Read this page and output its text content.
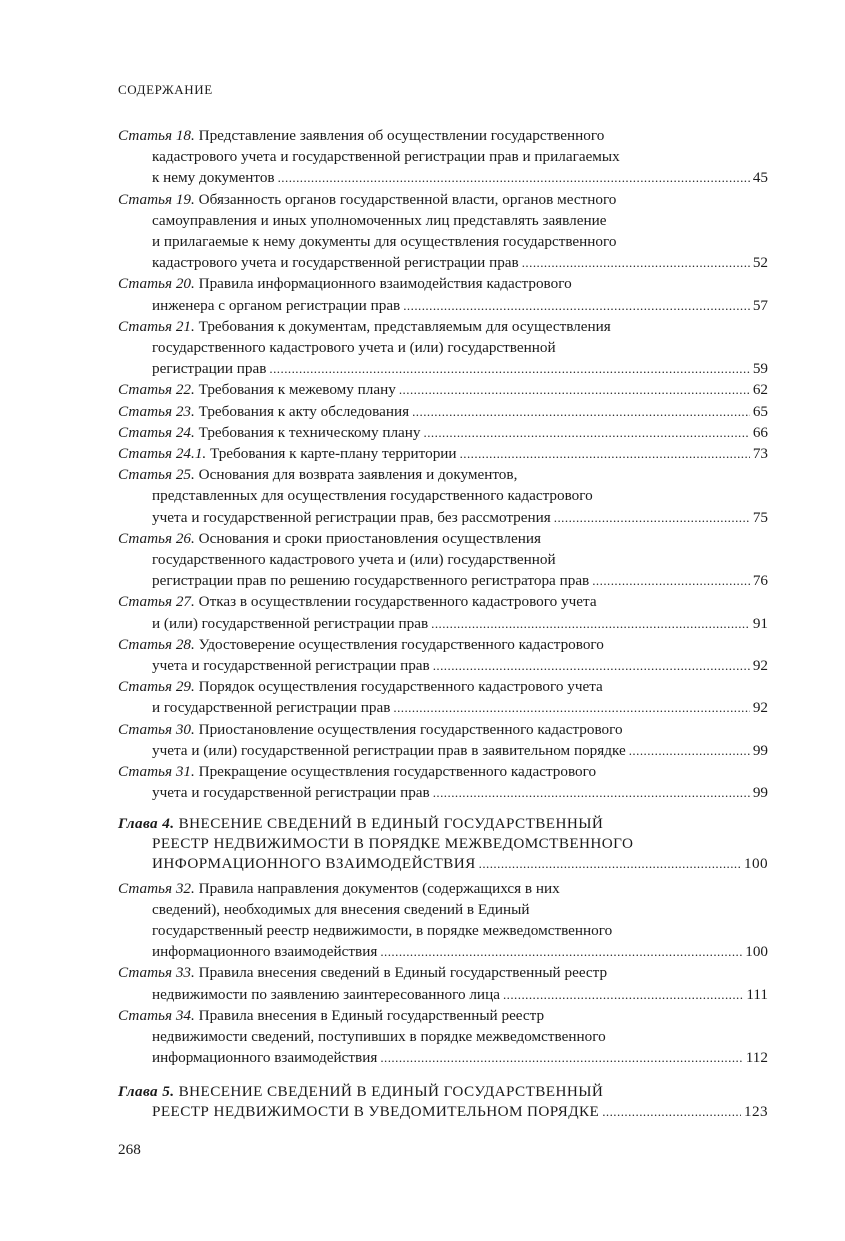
СОДЕРЖАНИЕ
Статья 18. Представление заявления об осуществлении государственного
кадастрового учета и государственной регистрации прав и прилагаемых
к нему документов . . .	45
Статья 19. Обязанность органов государственной власти, органов местного
самоуправления и иных уполномоченных лиц представлять заявление
и прилагаемые к нему документы для осуществления государственного
кадастрового учета и государственной регистрации прав . . .	52
Статья 20. Правила информационного взаимодействия кадастрового
инженера с органом регистрации прав . . .	57
Статья 21. Требования к документам, представляемым для осуществления
государственного кадастрового учета и (или) государственной
регистрации прав . . .	59
Статья 22. Требования к межевому плану . . .	62
Статья 23. Требования к акту обследования . . .	65
Статья 24. Требования к техническому плану . . .	66
Статья 24.1. Требования к карте-плану территории . . .	73
Статья 25. Основания для возврата заявления и документов,
представленных для осуществления государственного кадастрового
учета и государственной регистрации прав, без рассмотрения . . .	75
Статья 26. Основания и сроки приостановления осуществления
государственного кадастрового учета и (или) государственной
регистрации прав по решению государственного регистратора прав . . .	76
Статья 27. Отказ в осуществлении государственного кадастрового учета
и (или) государственной регистрации прав . . .	91
Статья 28. Удостоверение осуществления государственного кадастрового
учета и государственной регистрации прав . . .	92
Статья 29. Порядок осуществления государственного кадастрового учета
и государственной регистрации прав . . .	92
Статья 30. Приостановление осуществления государственного кадастрового
учета и (или) государственной регистрации прав в заявительном порядке . . .	99
Статья 31. Прекращение осуществления государственного кадастрового
учета и государственной регистрации прав . . .	99
Глава 4. ВНЕСЕНИЕ СВЕДЕНИЙ В ЕДИНЫЙ ГОСУДАРСТВЕННЫЙ
РЕЕСТР НЕДВИЖИМОСТИ В ПОРЯДКЕ МЕЖВЕДОМСТВЕННОГО
ИНФОРМАЦИОННОГО ВЗАИМОДЕЙСТВИЯ . . .	100
Статья 32. Правила направления документов (содержащихся в них
сведений), необходимых для внесения сведений в Единый
государственный реестр недвижимости, в порядке межведомственного
информационного взаимодействия . . .	100
Статья 33. Правила внесения сведений в Единый государственный реестр
недвижимости по заявлению заинтересованного лица . . .	111
Статья 34. Правила внесения в Единый государственный реестр
недвижимости сведений, поступивших в порядке межведомственного
информационного взаимодействия . . .	112
Глава 5. ВНЕСЕНИЕ СВЕДЕНИЙ В ЕДИНЫЙ ГОСУДАРСТВЕННЫЙ
РЕЕСТР НЕДВИЖИМОСТИ В УВЕДОМИТЕЛЬНОМ ПОРЯДКЕ . . .	123
268
